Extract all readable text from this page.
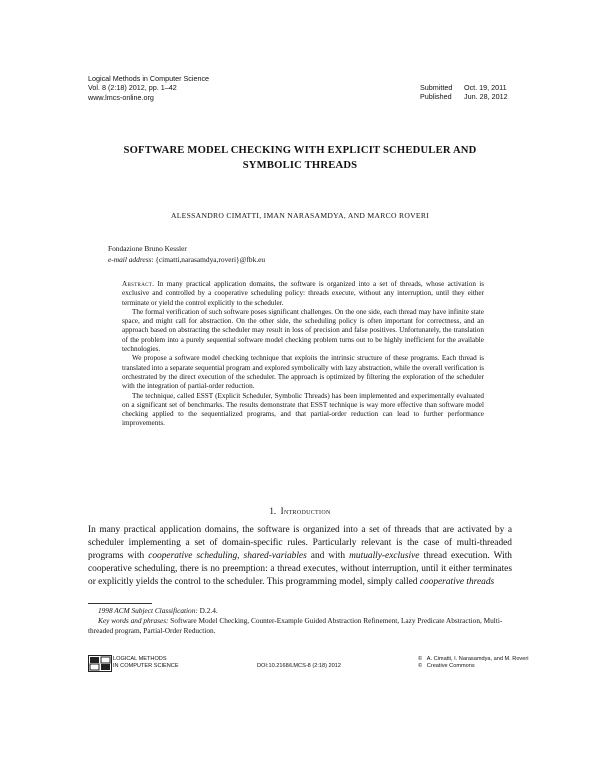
Logical Methods in Computer Science
Vol. 8 (2:18) 2012, pp. 1–42
www.lmcs-online.org
Submitted Oct. 19, 2011
Published Jun. 28, 2012
SOFTWARE MODEL CHECKING WITH EXPLICIT SCHEDULER AND
SYMBOLIC THREADS
ALESSANDRO CIMATTI, IMAN NARASAMDYA, AND MARCO ROVERI
Fondazione Bruno Kessler
e-mail address: {cimatti,narasamdya,roveri}@fbk.eu

Abstract. In many practical application domains, the software is organized into a set of threads, whose activation is exclusive and controlled by a cooperative scheduling policy: threads execute, without any interruption, until they either terminate or yield the control explicitly to the scheduler.

The formal verification of such software poses significant challenges. On the one side, each thread may have infinite state space, and might call for abstraction. On the other side, the scheduling policy is often important for correctness, and an approach based on abstracting the scheduler may result in loss of precision and false positives. Unfortunately, the translation of the problem into a purely sequential software model checking problem turns out to be highly inefficient for the available technologies.

We propose a software model checking technique that exploits the intrinsic structure of these programs. Each thread is translated into a separate sequential program and explored symbolically with lazy abstraction, while the overall verification is orchestrated by the direct execution of the scheduler. The approach is optimized by filtering the exploration of the scheduler with the integration of partial-order reduction.

The technique, called ESST (Explicit Scheduler, Symbolic Threads) has been implemented and experimentally evaluated on a significant set of benchmarks. The results demonstrate that ESST technique is way more effective than software model checking applied to the sequentialized programs, and that partial-order reduction can lead to further performance improvements.

1. Introduction
In many practical application domains, the software is organized into a set of threads that are activated by a scheduler implementing a set of domain-specific rules. Particularly relevant is the case of multi-threaded programs with cooperative scheduling, shared-variables and with mutually-exclusive thread execution. With cooperative scheduling, there is no preemption: a thread executes, without interruption, until it either terminates or explicitly yields the control to the scheduler. This programming model, simply called cooperative threads

1998 ACM Subject Classification: D.2.4.

Key words and phrases: Software Model Checking, Counter-Example Guided Abstraction Refinement, Lazy Predicate Abstraction, Multi-threaded program, Partial-Order Reduction.

LOGICAL METHODS
IN COMPUTER SCIENCE	DOI:10.2168/LMCS-8 (2:18) 2012
© A. Cimatti, I. Narasamdya, and M. Roveri
© Creative Commons
